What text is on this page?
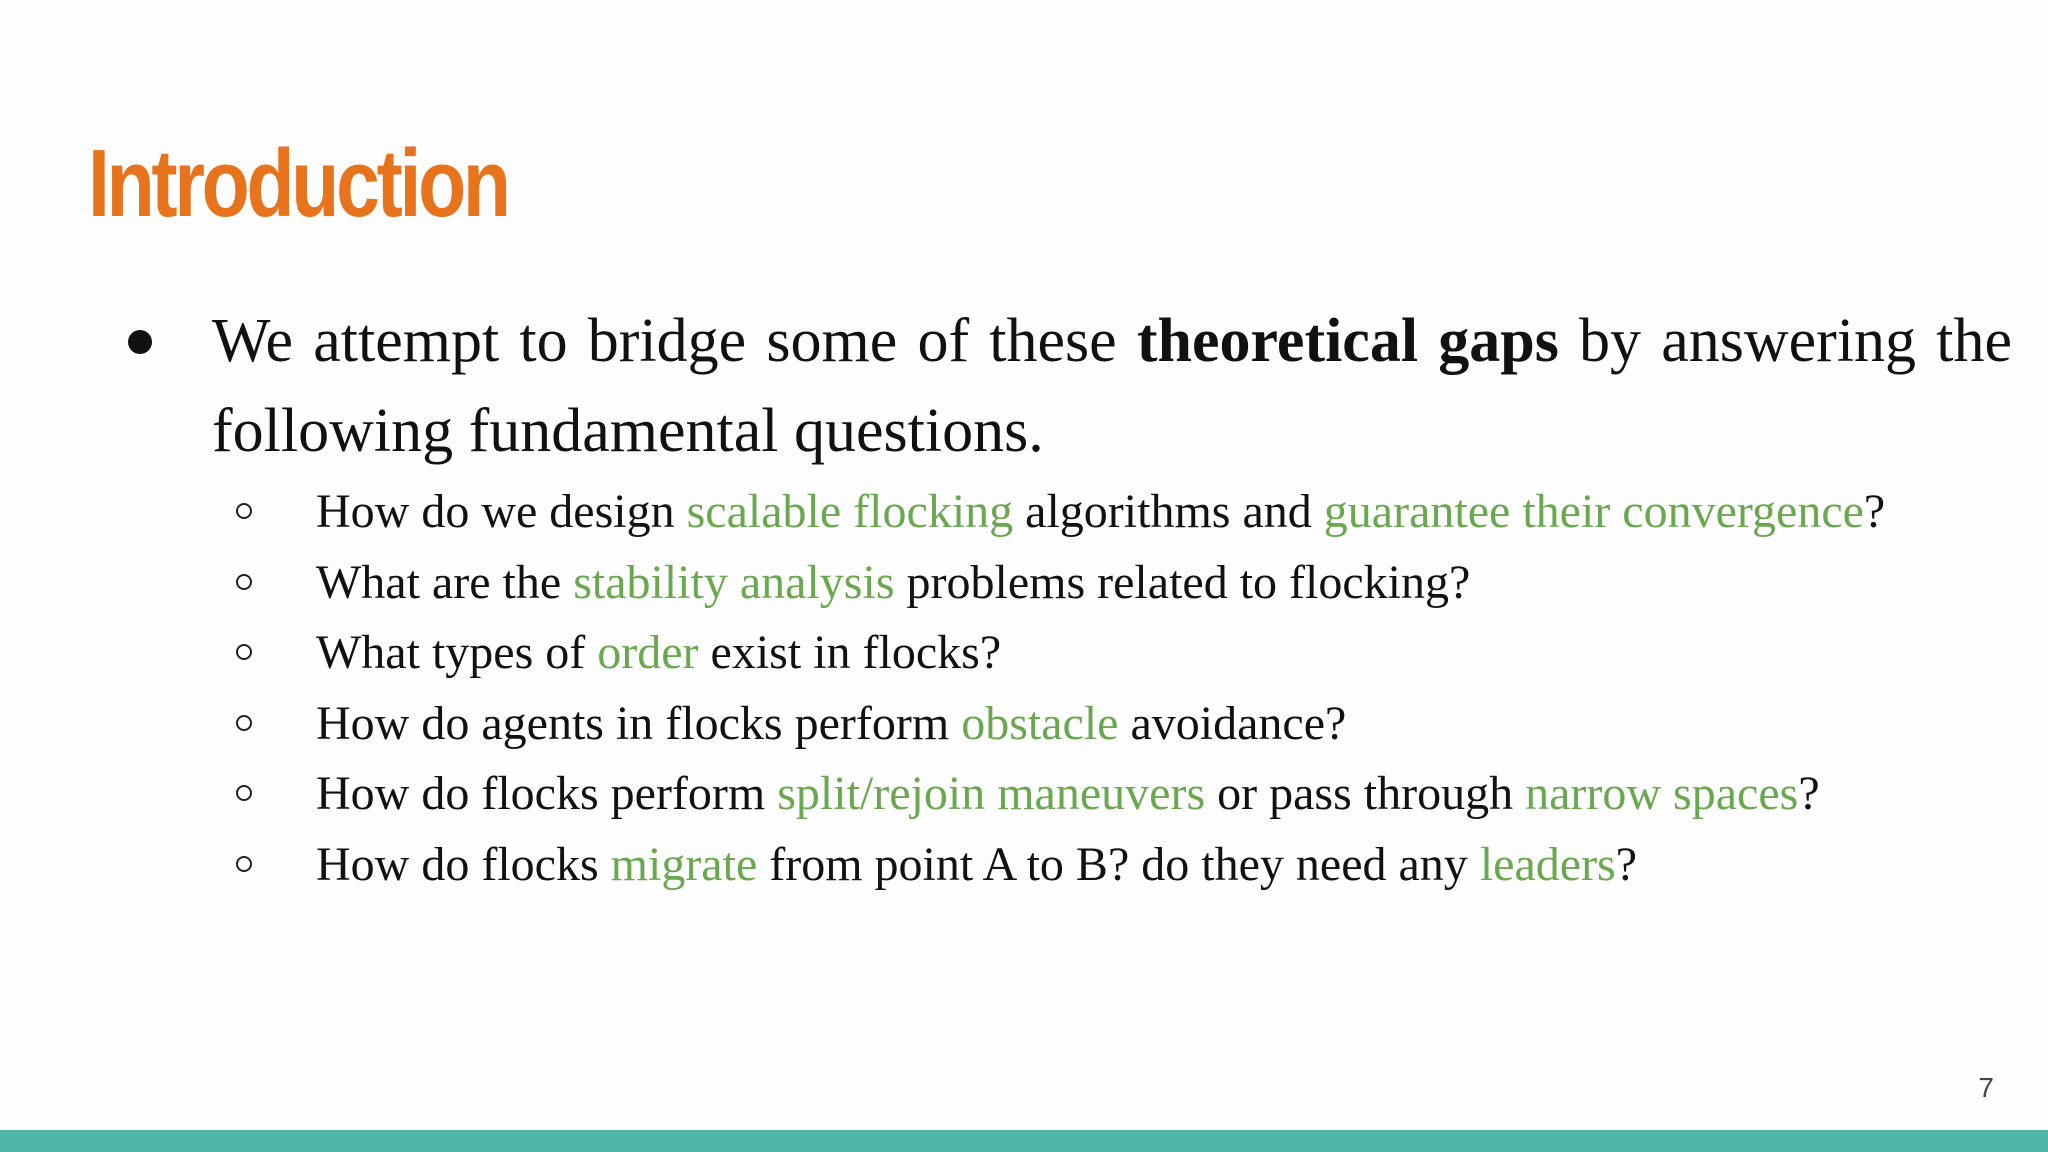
Introduction
We attempt to bridge some of these theoretical gaps by answering the following fundamental questions.
How do we design scalable flocking algorithms and guarantee their convergence?
What are the stability analysis problems related to flocking?
What types of order exist in flocks?
How do agents in flocks perform obstacle avoidance?
How do flocks perform split/rejoin maneuvers or pass through narrow spaces?
How do flocks migrate from point A to B? do they need any leaders?
7
